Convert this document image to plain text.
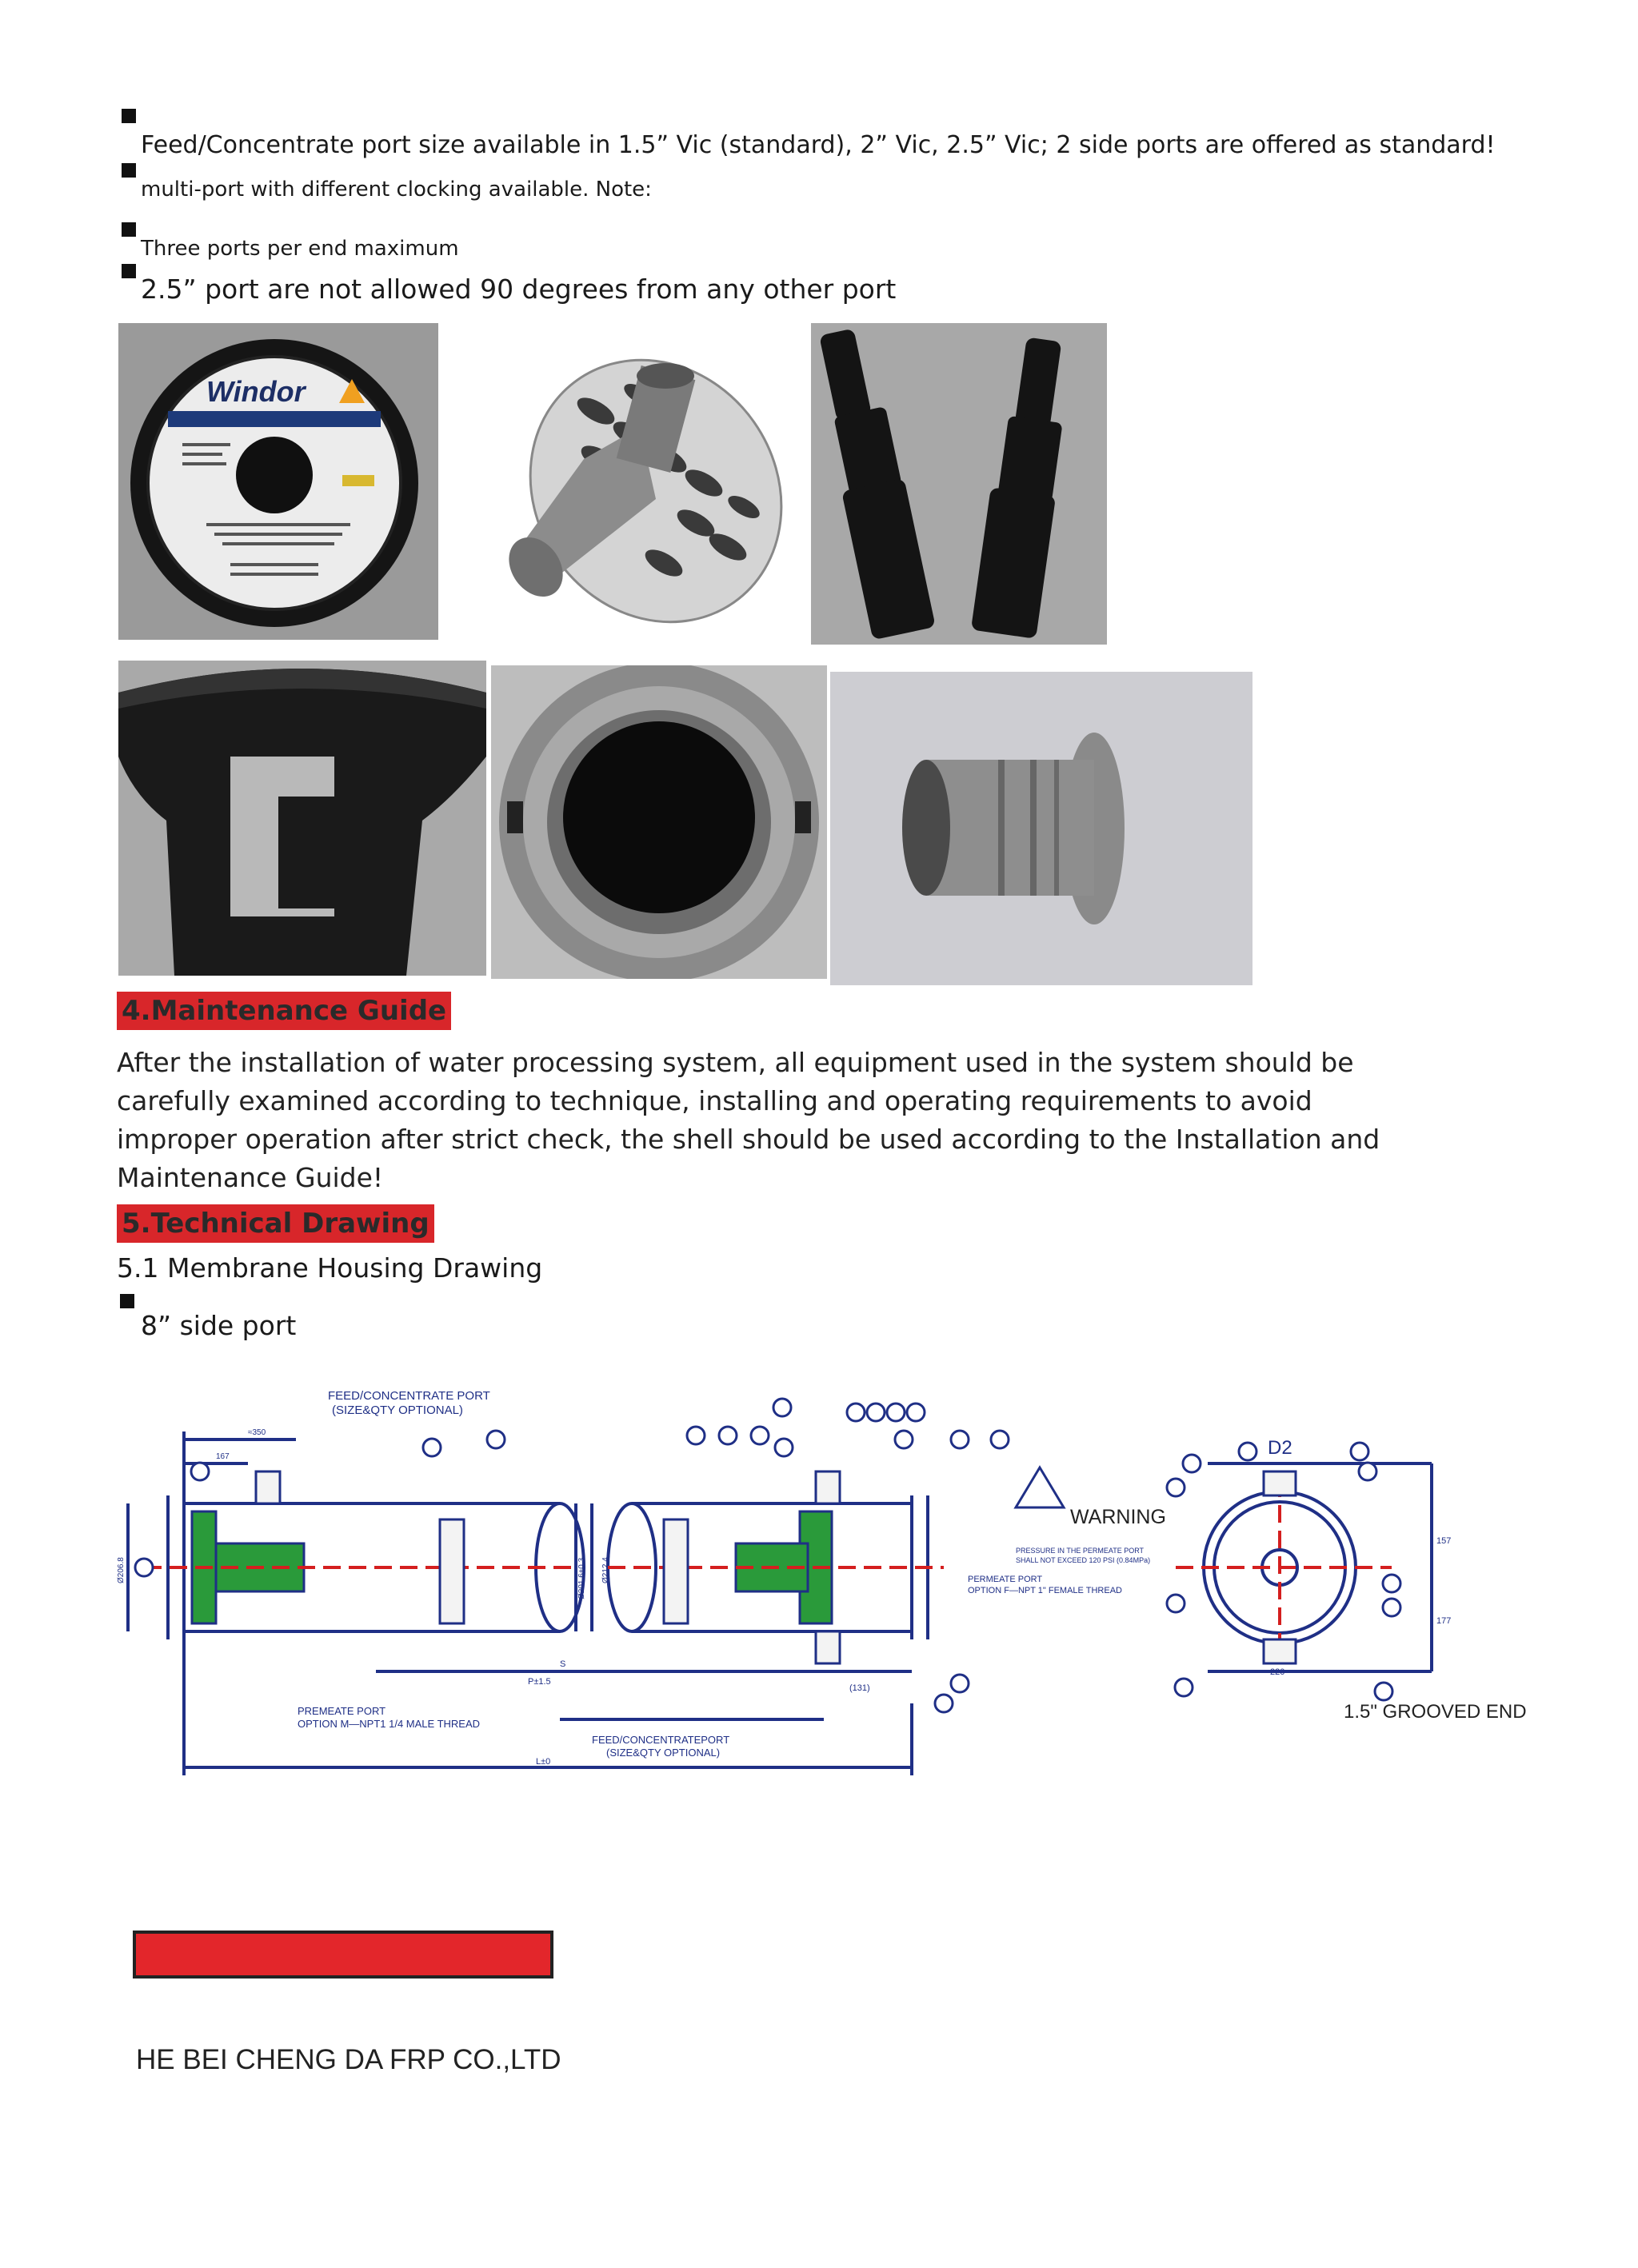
Feed/Concentrate port size available in 1.5” Vic (standard), 2” Vic, 2.5” Vic; 2 side ports are offered as standard!
multi-port with different clocking available. Note:
Three ports per end maximum
2.5” port are not allowed 90 degrees from any other port
Windor
4.Maintenance Guide
After the installation of water processing system, all equipment used in the system should be carefully examined according to technique, installing and operating requirements to avoid improper operation after strict check, the shell should be used according to the Installation and Maintenance Guide!
5.Technical Drawing
5.1 Membrane Housing Drawing
8” side port
FEED/CONCENTRATE PORT
(SIZE&QTY OPTIONAL)
PREMEATE PORT
OPTION M—NPT1 1/4 MALE THREAD
FEED/CONCENTRATEPORT
(SIZE&QTY OPTIONAL)
WARNING
PRESSURE IN THE PERMEATE PORT
SHALL NOT EXCEED 120 PSI (0.84MPa)
PERMEATE PORT
OPTION F—NPT 1" FEMALE THREAD
1.5" GROOVED END
D2
S
P±1.5
L±0
(131)
≈350
167
220
157
177
Ø206.8	Ø212.4
Ø201.6±0.3
HE BEI CHENG DA FRP CO.,LTD
